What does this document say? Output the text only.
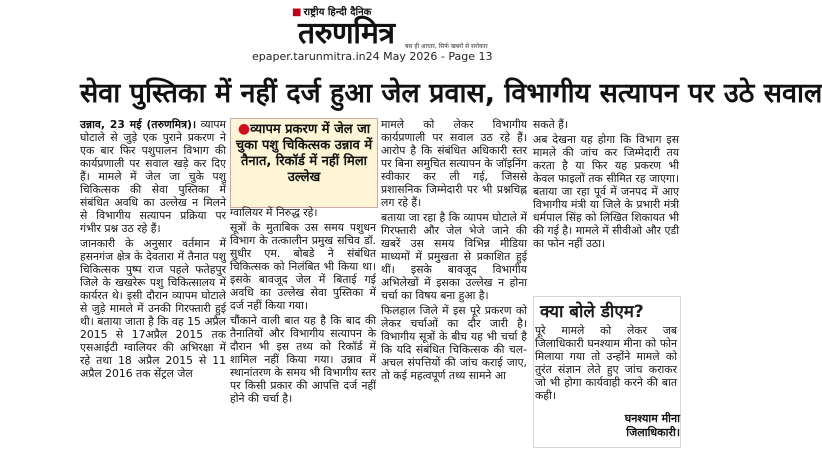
■ राष्ट्रीय हिन्दी दैनिक
तरुणमित्र बस ही आधार, सिर्फ खबरों से सरोकार
epaper.tarunmitra.in24 May 2026 - Page 13
सेवा पुस्तिका में नहीं दर्ज हुआ जेल प्रवास, विभागीय सत्यापन पर उठे सवाल

उन्नाव, 23 मई (तरुणमित्र)। व्यापम घोटाले से जुड़े एक पुराने प्रकरण ने एक बार फिर पशुपालन विभाग की कार्यप्रणाली पर सवाल खड़े कर दिए हैं। मामले में जेल जा चुके पशु चिकित्सक की सेवा पुस्तिका में संबंधित अवधि का उल्लेख न मिलने से विभागीय सत्यापन प्रक्रिया पर गंभीर प्रश्न उठ रहे हैं।

जानकारी के अनुसार वर्तमान में हसनगंज क्षेत्र के देवतारा में तैनात पशु चिकित्सक पुष्प राज पहले फतेहपुर जिले के खखरेरू पशु चिकित्सालय में कार्यरत थे। इसी दौरान व्यापम घोटाले से जुड़े मामले में उनकी गिरफ्तारी हुई थी। बताया जाता है कि वह 15 अप्रैल 2015 से 17अप्रैल 2015 तक एसआईटी ग्वालियर की अभिरक्षा में रहे तथा 18 अप्रैल 2015 से 11 अप्रैल 2016 तक सेंट्रल जेल

●व्यापम प्रकरण में जेल जा चुका पशु चिकित्सक उन्नाव में तैनात, रिकॉर्ड में नहीं मिला उल्लेख

ग्वालियर में निरुद्ध रहे।

सूत्रों के मुताबिक उस समय पशुधन विभाग के तत्कालीन प्रमुख सचिव डॉ. सुधीर एम. बोबडे ने संबंधित चिकित्सक को निलंबित भी किया था। इसके बावजूद जेल में बिताई गई अवधि का उल्लेख सेवा पुस्तिका में दर्ज नहीं किया गया।

चौंकाने वाली बात यह है कि बाद की तैनातियों और विभागीय सत्यापन के दौरान भी इस तथ्य को रिकॉर्ड में शामिल नहीं किया गया। उन्नाव में स्थानांतरण के समय भी विभागीय स्तर पर किसी प्रकार की आपत्ति दर्ज नहीं होने की चर्चा है।

मामले को लेकर विभागीय कार्यप्रणाली पर सवाल उठ रहे हैं। आरोप है कि संबंधित अधिकारी स्तर पर बिना समुचित सत्यापन के जॉइनिंग स्वीकार कर ली गई, जिससे प्रशासनिक जिम्मेदारी पर भी प्रश्नचिह्न लग रहे हैं।

बताया जा रहा है कि व्यापम घोटाले में गिरफ्तारी और जेल भेजे जाने की खबरें उस समय विभिन्न मीडिया माध्यमों में प्रमुखता से प्रकाशित हुई थीं। इसके बावजूद विभागीय अभिलेखों में इसका उल्लेख न होना चर्चा का विषय बना हुआ है।

फिलहाल जिले में इस पूरे प्रकरण को लेकर चर्चाओं का दौर जारी है। विभागीय सूत्रों के बीच यह भी चर्चा है कि यदि संबंधित चिकित्सक की चल-अचल संपत्तियों की जांच कराई जाए, तो कई महत्वपूर्ण तथ्य सामने आ

सकते हैं।

अब देखना यह होगा कि विभाग इस मामले की जांच कर जिम्मेदारी तय करता है या फिर यह प्रकरण भी केवल फाइलों तक सीमित रह जाएगा। बताया जा रहा पूर्व में जनपद में आए विभागीय मंत्री या जिले के प्रभारी मंत्री धर्मपाल सिंह को लिखित शिकायत भी की गई है। मामले में सीवीओ और एडी का फोन नहीं उठा।

क्या बोले डीएम?

पूरे मामले को लेकर जब जिलाधिकारी घनश्याम मीना को फोन मिलाया गया तो उन्होंने मामले को तुरंत संज्ञान लेते हुए जांच कराकर जो भी होगा कार्यवाही करने की बात कही।

घनश्याम मीना
जिलाधिकारी।
